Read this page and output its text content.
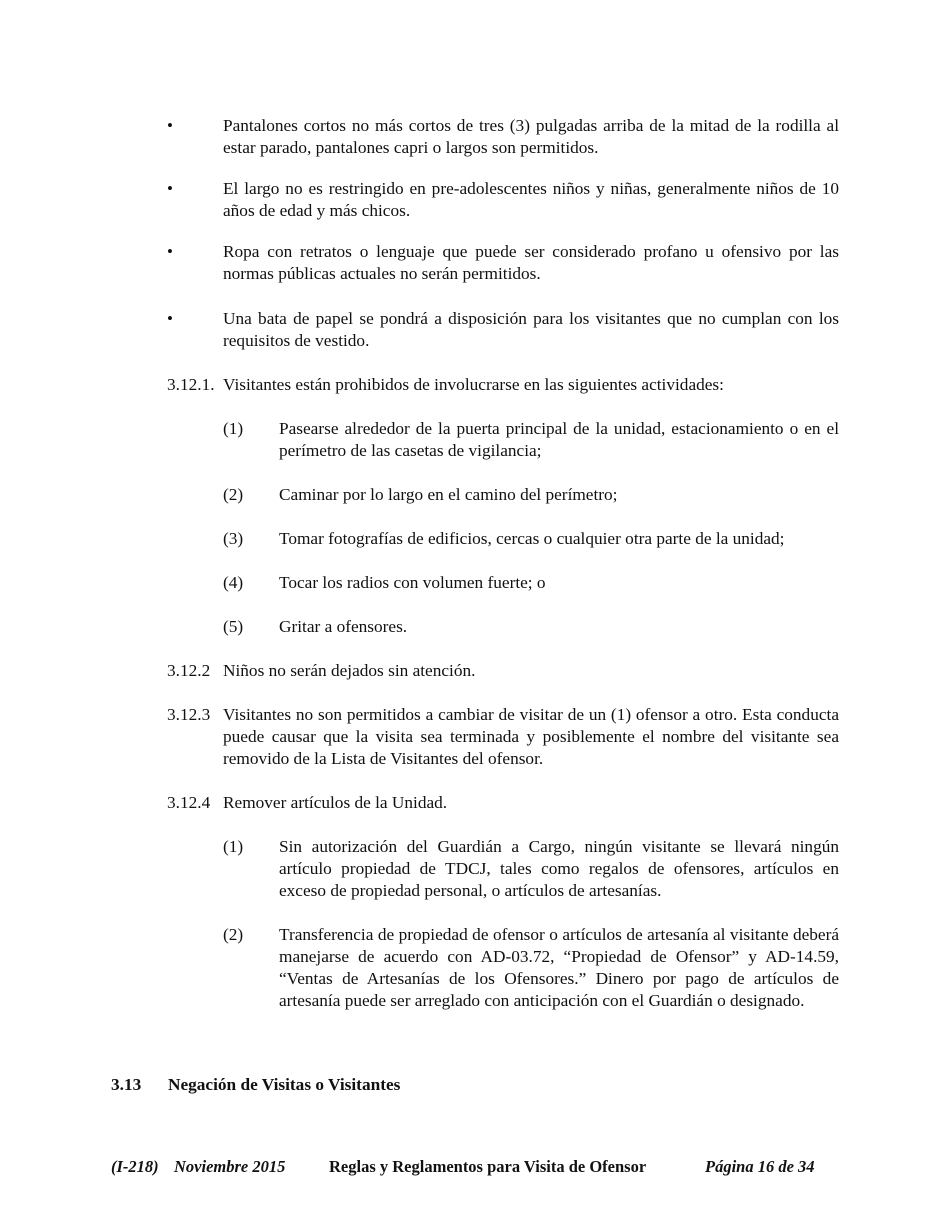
•	Pantalones cortos no más cortos de tres (3) pulgadas arriba de la mitad de la rodilla al estar parado, pantalones capri o largos son permitidos.
•	El largo no es restringido en pre-adolescentes niños y niñas, generalmente niños de 10 años de edad y más chicos.
•	Ropa con retratos o lenguaje que puede ser considerado profano u ofensivo por las normas públicas actuales no serán permitidos.
•	Una bata de papel se pondrá a disposición para los visitantes que no cumplan con los requisitos de vestido.
3.12.1. Visitantes están prohibidos de involucrarse en las siguientes actividades:
(1) Pasearse alrededor de la puerta principal de la unidad, estacionamiento o en el perímetro de las casetas de vigilancia;
(2) Caminar por lo largo en el camino del perímetro;
(3) Tomar fotografías de edificios, cercas o cualquier otra parte de la unidad;
(4) Tocar los radios con volumen fuerte; o
(5) Gritar a ofensores.
3.12.2 Niños no serán dejados sin atención.
3.12.3 Visitantes no son permitidos a cambiar de visitar de un (1) ofensor a otro. Esta conducta puede causar que la visita sea terminada y posiblemente el nombre del visitante sea removido de la Lista de Visitantes del ofensor.
3.12.4 Remover artículos de la Unidad.
(1) Sin autorización del Guardián a Cargo, ningún visitante se llevará ningún artículo propiedad de TDCJ, tales como regalos de ofensores, artículos en exceso de propiedad personal, o artículos de artesanías.
(2) Transferencia de propiedad de ofensor o artículos de artesanía al visitante deberá manejarse de acuerdo con AD-03.72, “Propiedad de Ofensor” y AD-14.59, “Ventas de Artesanías de los Ofensores.” Dinero por pago de artículos de artesanía puede ser arreglado con anticipación con el Guardián o designado.
3.13 Negación de Visitas o Visitantes
(I-218) Noviembre 2015	Reglas y Reglamentos para Visita de Ofensor	Página 16 de 34
